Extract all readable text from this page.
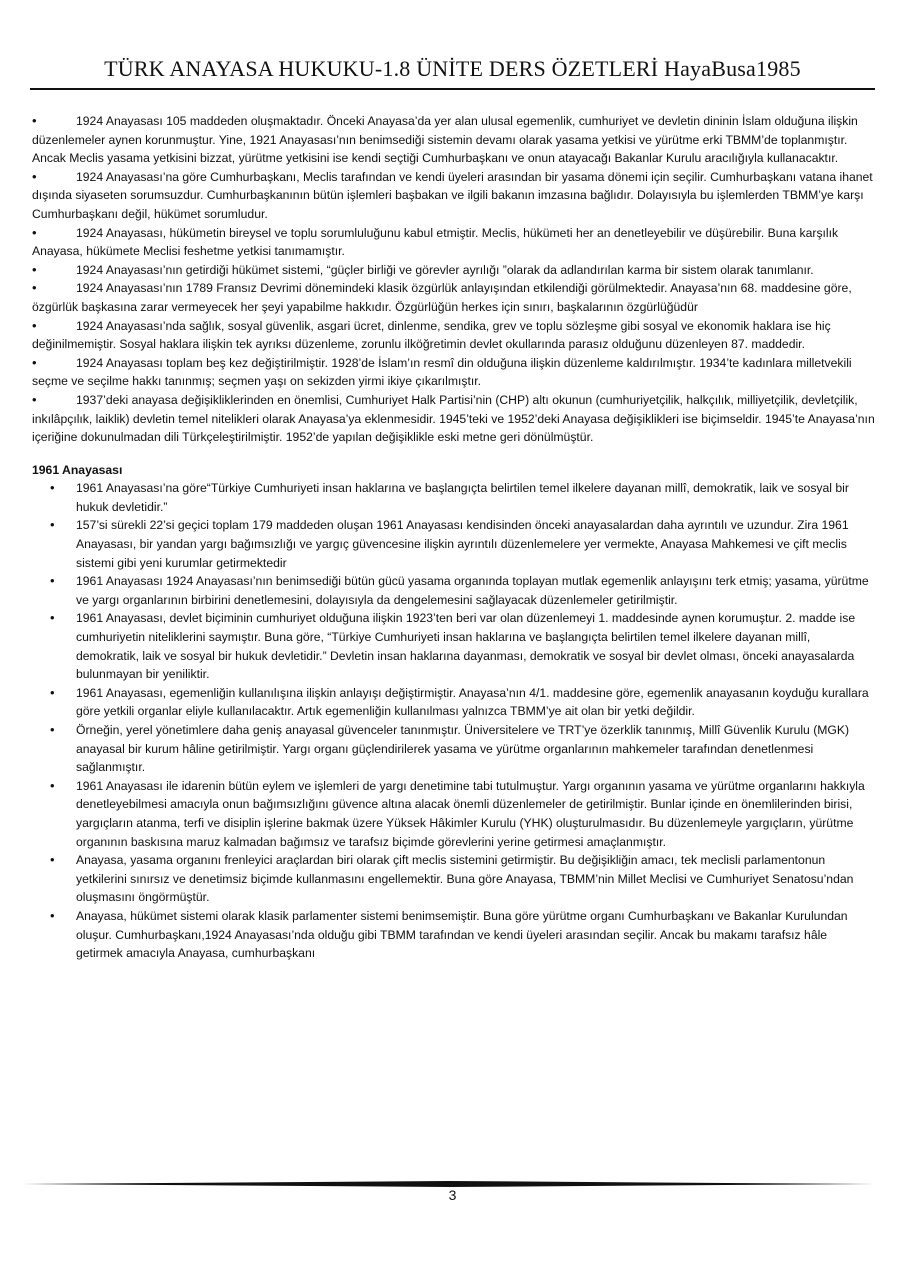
TÜRK ANAYASA HUKUKU-1.8 ÜNİTE DERS ÖZETLERİ HayaBusa1985

•1924 Anayasası 105 maddeden oluşmaktadır. Önceki Anayasa’da yer alan ulusal egemenlik, cumhuriyet ve devletin dininin İslam olduğuna ilişkin düzenlemeler aynen korunmuştur. Yine, 1921 Anayasası’nın benimsediği sistemin devamı olarak yasama yetkisi ve yürütme erki TBMM’de toplanmıştır. Ancak Meclis yasama yetkisini bizzat, yürütme yetkisini ise kendi seçtiği Cumhurbaşkanı ve onun atayacağı Bakanlar Kurulu aracılığıyla kullanacaktır.

•1924 Anayasası’na göre Cumhurbaşkanı, Meclis tarafından ve kendi üyeleri arasından bir yasama dönemi için seçilir. Cumhurbaşkanı vatana ihanet dışında siyaseten sorumsuzdur. Cumhurbaşkanının bütün işlemleri başbakan ve ilgili bakanın imzasına bağlıdır. Dolayısıyla bu işlemlerden TBMM’ye karşı Cumhurbaşkanı değil, hükümet sorumludur.

•1924 Anayasası, hükümetin bireysel ve toplu sorumluluğunu kabul etmiştir. Meclis, hükümeti her an denetleyebilir ve düşürebilir. Buna karşılık Anayasa, hükümete Meclisi feshetme yetkisi tanımamıştır.

•1924 Anayasası’nın getirdiği hükümet sistemi, “güçler birliği ve görevler ayrılığı ”olarak da adlandırılan karma bir sistem olarak tanımlanır.

•1924 Anayasası’nın 1789 Fransız Devrimi dönemindeki klasik özgürlük anlayışından etkilendiği görülmektedir. Anayasa’nın 68. maddesine göre, özgürlük başkasına zarar vermeyecek her şeyi yapabilme hakkıdır. Özgürlüğün herkes için sınırı, başkalarının özgürlüğüdür

•1924 Anayasası’nda sağlık, sosyal güvenlik, asgari ücret, dinlenme, sendika, grev ve toplu sözleşme gibi sosyal ve ekonomik haklara ise hiç değinilmemiştir. Sosyal haklara ilişkin tek ayrıksı düzenleme, zorunlu ilköğretimin devlet okullarında parasız olduğunu düzenleyen 87. maddedir.

•1924 Anayasası toplam beş kez değiştirilmiştir. 1928’de İslam’ın resmî din olduğuna ilişkin düzenleme kaldırılmıştır. 1934’te kadınlara milletvekili seçme ve seçilme hakkı tanınmış; seçmen yaşı on sekizden yirmi ikiye çıkarılmıştır.

•1937’deki anayasa değişikliklerinden en önemlisi, Cumhuriyet Halk Partisi’nin (CHP) altı okunun (cumhuriyetçilik, halkçılık, milliyetçilik, devletçilik, inkılâpçılık, laiklik) devletin temel nitelikleri olarak Anayasa’ya eklenmesidir. 1945’teki ve 1952’deki Anayasa değişiklikleri ise biçimseldir. 1945’te Anayasa’nın içeriğine dokunulmadan dili Türkçeleştirilmiştir. 1952’de yapılan değişiklikle eski metne geri dönülmüştür.

1961 Anayasası
• 1961 Anayasası’na göre“Türkiye Cumhuriyeti insan haklarına ve başlangıçta belirtilen temel ilkelere dayanan millî, demokratik, laik ve sosyal bir hukuk devletidir.”
• 157’si sürekli 22’si geçici toplam 179 maddeden oluşan 1961 Anayasası kendisinden önceki anayasalardan daha ayrıntılı ve uzundur. Zira 1961 Anayasası, bir yandan yargı bağımsızlığı ve yargıç güvencesine ilişkin ayrıntılı düzenlemelere yer vermekte, Anayasa Mahkemesi ve çift meclis sistemi gibi yeni kurumlar getirmektedir
• 1961 Anayasası 1924 Anayasası’nın benimsediği bütün gücü yasama organında toplayan mutlak egemenlik anlayışını terk etmiş; yasama, yürütme ve yargı organlarının birbirini denetlemesini, dolayısıyla da dengelemesini sağlayacak düzenlemeler getirilmiştir.
• 1961 Anayasası, devlet biçiminin cumhuriyet olduğuna ilişkin 1923’ten beri var olan düzenlemeyi 1. maddesinde aynen korumuştur. 2. madde ise cumhuriyetin niteliklerini saymıştır. Buna göre, “Türkiye Cumhuriyeti insan haklarına ve başlangıçta belirtilen temel ilkelere dayanan millî, demokratik, laik ve sosyal bir hukuk devletidir.” Devletin insan haklarına dayanması, demokratik ve sosyal bir devlet olması, önceki anayasalarda bulunmayan bir yeniliktir.
• 1961 Anayasası, egemenliğin kullanılışına ilişkin anlayışı değiştirmiştir. Anayasa’nın 4/1. maddesine göre, egemenlik anayasanın koyduğu kurallara göre yetkili organlar eliyle kullanılacaktır. Artık egemenliğin kullanılması yalnızca TBMM’ye ait olan bir yetki değildir.
• Örneğin, yerel yönetimlere daha geniş anayasal güvenceler tanınmıştır. Üniversitelere ve TRT’ye özerklik tanınmış, Millî Güvenlik Kurulu (MGK) anayasal bir kurum hâline getirilmiştir. Yargı organı güçlendirilerek yasama ve yürütme organlarının mahkemeler tarafından denetlenmesi sağlanmıştır.
• 1961 Anayasası ile idarenin bütün eylem ve işlemleri de yargı denetimine tabi tutulmuştur. Yargı organının yasama ve yürütme organlarını hakkıyla denetleyebilmesi amacıyla onun bağımsızlığını güvence altına alacak önemli düzenlemeler de getirilmiştir. Bunlar içinde en önemlilerinden birisi, yargıçların atanma, terfi ve disiplin işlerine bakmak üzere Yüksek Hâkimler Kurulu (YHK) oluşturulmasıdır. Bu düzenlemeyle yargıçların, yürütme organının baskısına maruz kalmadan bağımsız ve tarafsız biçimde görevlerini yerine getirmesi amaçlanmıştır.
• Anayasa, yasama organını frenleyici araçlardan biri olarak çift meclis sistemini getirmiştir. Bu değişikliğin amacı, tek meclisli parlamentonun yetkilerini sınırsız ve denetimsiz biçimde kullanmasını engellemektir. Buna göre Anayasa, TBMM’nin Millet Meclisi ve Cumhuriyet Senatosu’ndan oluşmasını öngörmüştür.
• Anayasa, hükümet sistemi olarak klasik parlamenter sistemi benimsemiştir. Buna göre yürütme organı Cumhurbaşkanı ve Bakanlar Kurulundan oluşur. Cumhurbaşkanı,1924 Anayasası’nda olduğu gibi TBMM tarafından ve kendi üyeleri arasından seçilir. Ancak bu makamı tarafsız hâle getirmek amacıyla Anayasa, cumhurbaşkanı
3
